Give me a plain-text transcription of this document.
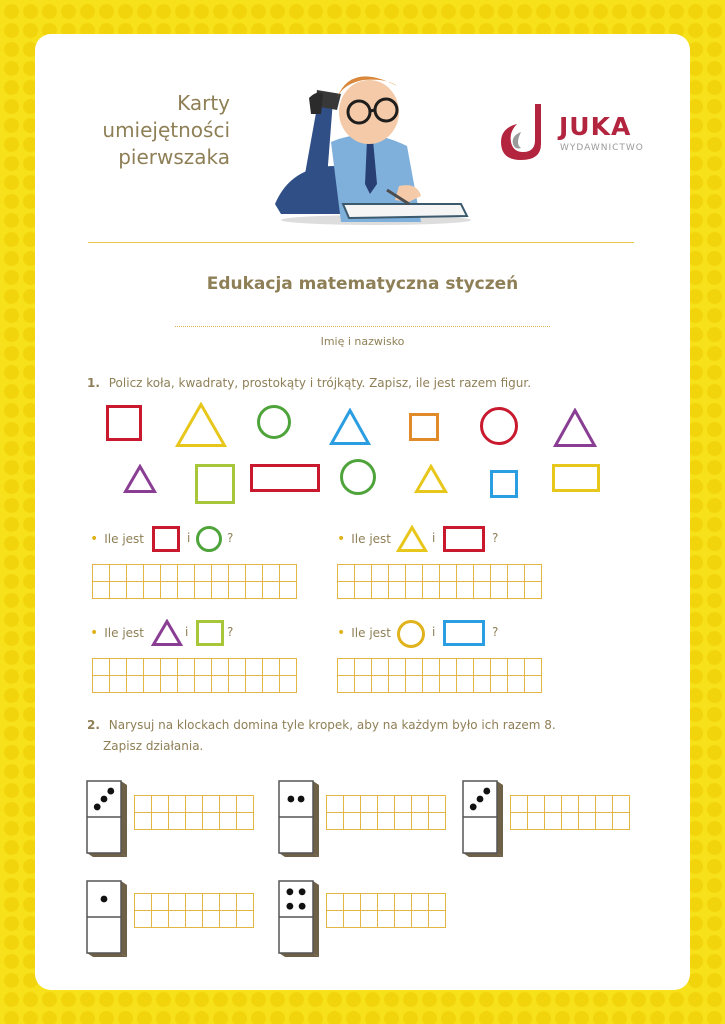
Karty
umiejętności
pierwszaka
JUKA
WYDAWNICTWO
Edukacja matematyczna styczeń
Imię i nazwisko
1. Policz koła, kwadraty, prostokąty i trójkąty. Zapisz, ile jest razem figur.
• Ile jest	i	?	• Ile jest	i	?
• Ile jest	i	?	• Ile jest	i	?
2. Narysuj na klockach domina tyle kropek, aby na każdym było ich razem 8.
Zapisz działania.
